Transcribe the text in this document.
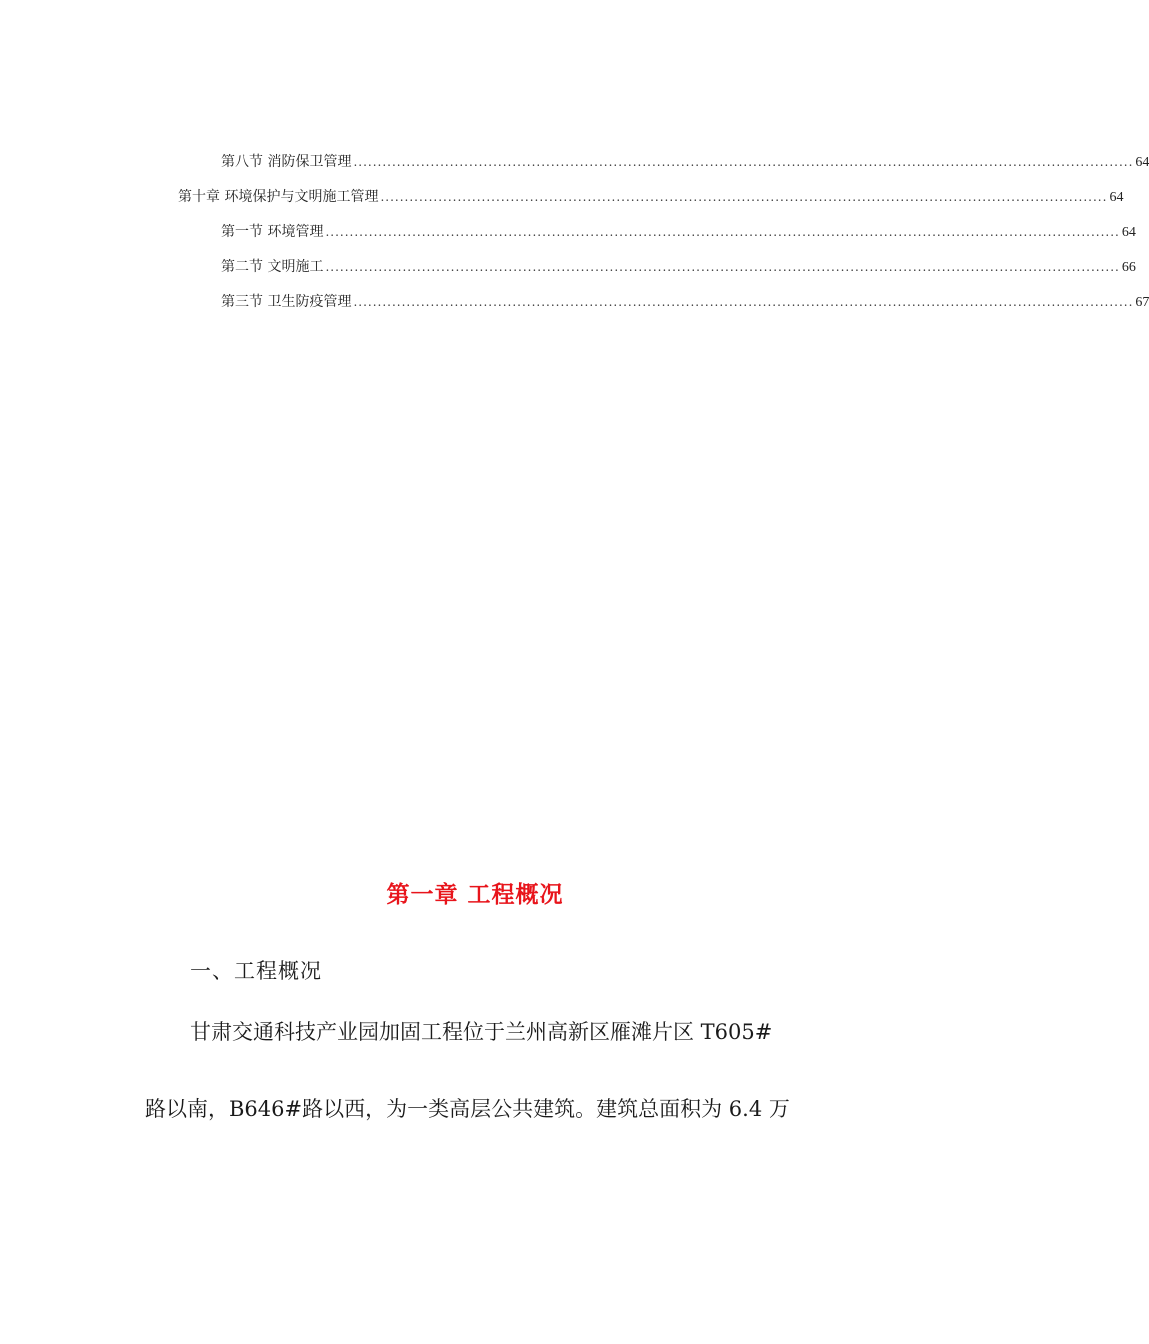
第八节 消防保卫管理 .................................................................................................................................................................. 64
第十章 环境保护与文明施工管理 ....................................................................................................................................................... 64
第一节 环境管理 ..................................................................................................................................................................... 64
第二节 文明施工 ..................................................................................................................................................................... 66
第三节 卫生防疫管理 .................................................................................................................................................................. 67
第一章 工程概况
一、工程概况
甘肃交通科技产业园加固工程位于兰州高新区雁滩片区 T605#
路以南，B646#路以西，为一类高层公共建筑。建筑总面积为 6.4 万
